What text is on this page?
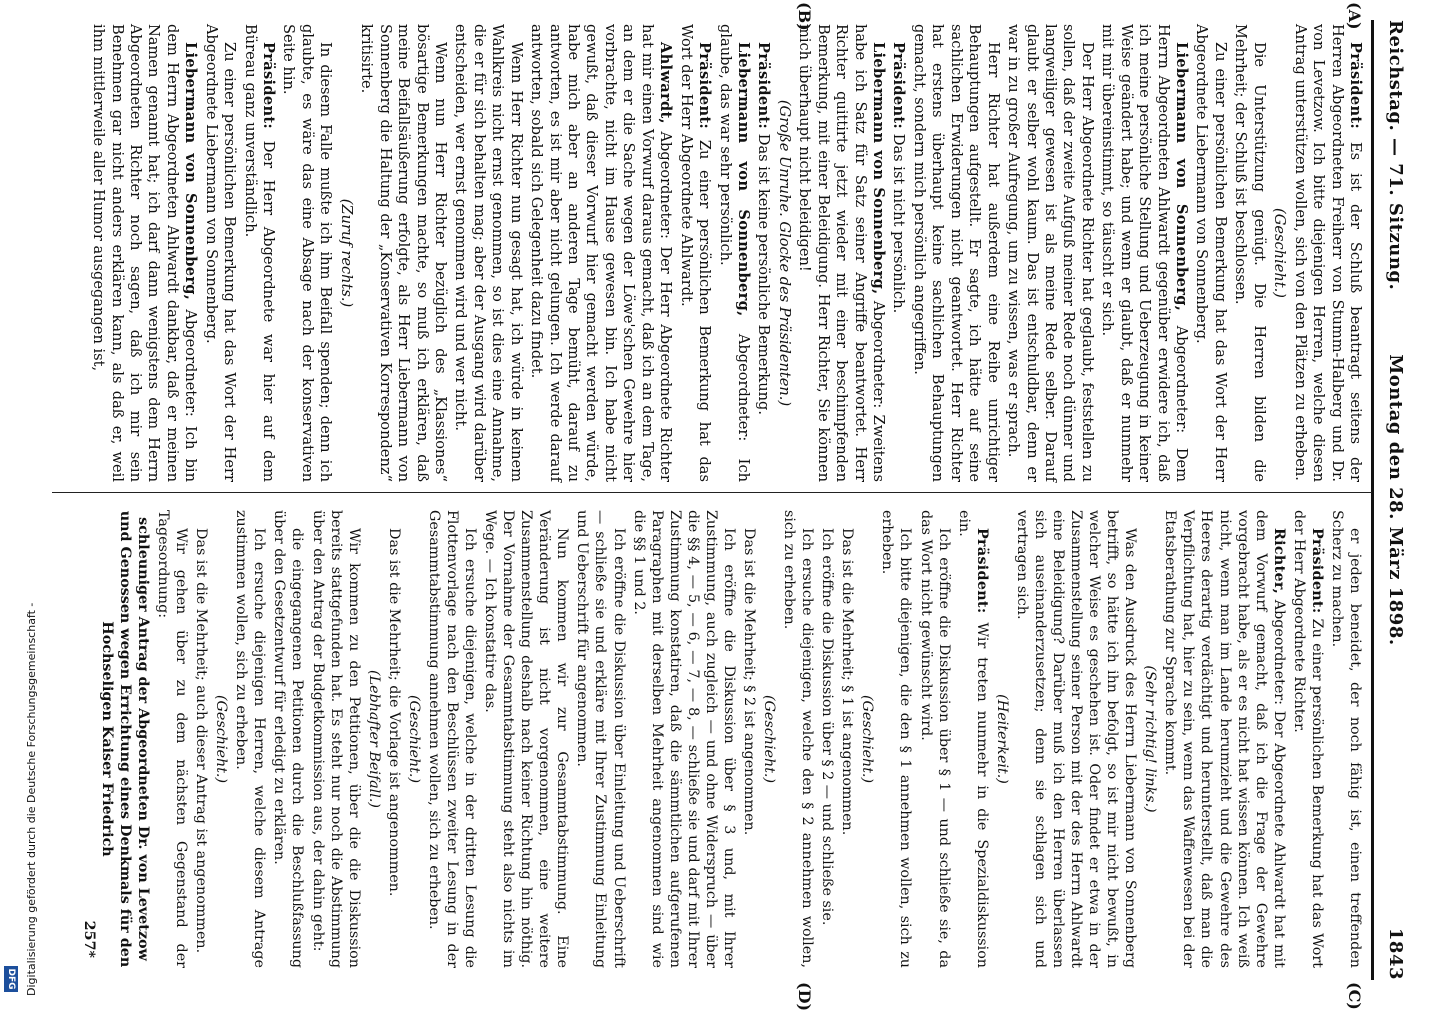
Reichstag. — 71. Sitzung.
Montag den 28. März 1898.
1843
(A)
(B)
(C)
(D)

Präsident: Es ist der Schluß beantragt seitens der Herren Abgeordneten Freiherr von Stumm-Halberg und Dr. von Levetzow. Ich bitte diejenigen Herren, welche diesen Antrag unterstützen wollen, sich von den Plätzen zu erheben.

(Geschieht.)

Die Unterstützung genügt. Die Herren bilden die Mehrheit; der Schluß ist beschlossen.

Zu einer persönlichen Bemerkung hat das Wort der Herr Abgeordnete Liebermann von Sonnenberg.

Liebermann von Sonnenberg, Abgeordneter: Dem Herrn Abgeordneten Ahlwardt gegenüber erwidere ich, daß ich meine persönliche Stellung und Ueberzeugung in keiner Weise geändert habe; und wenn er glaubt, daß er nunmehr mit mir übereinstimmt, so täuscht er sich.

Der Herr Abgeordnete Richter hat geglaubt, feststellen zu sollen, daß der zweite Aufguß meiner Rede noch dünner und langweiliger gewesen ist als meine Rede selber. Darauf glaubt er selber wohl kaum. Das ist entschuldbar, denn er war in zu großer Aufregung, um zu wissen, was er sprach.

Herr Richter hat außerdem eine Reihe unrichtiger Behauptungen aufgestellt. Er sagte, ich hätte auf seine sachlichen Erwiderungen nicht geantwortet. Herr Richter hat erstens überhaupt keine sachlichen Behauptungen gemacht, sondern mich persönlich angegriffen.

Präsident: Das ist nicht persönlich.

Liebermann von Sonnenberg, Abgeordneter: Zweitens habe ich Satz für Satz seiner Angriffe beantwortet. Herr Richter quittirte jetzt wieder mit einer beschimpfenden Bemerkung, mit einer Beleidigung. Herr Richter, Sie können mich überhaupt nicht beleidigen!

(Große Unruhe. Glocke des Präsidenten.)

Präsident: Das ist keine persönliche Bemerkung.

Liebermann von Sonnenberg, Abgeordneter: Ich glaube, das war sehr persönlich.

Präsident: Zu einer persönlichen Bemerkung hat das Wort der Herr Abgeordnete Ahlwardt.

Ahlwardt, Abgeordneter: Der Herr Abgeordnete Richter hat mir einen Vorwurf daraus gemacht, daß ich an dem Tage, an dem er die Sache wegen der Löwe'schen Gewehre hier vorbrachte, nicht im Hause gewesen bin. Ich habe nicht gewußt, daß dieser Vorwurf hier gemacht werden würde, habe mich aber an anderen Tage bemüht, darauf zu antworten, es ist mir aber nicht gelungen. Ich werde darauf antworten, sobald sich Gelegenheit dazu findet.

Wenn Herr Richter nun gesagt hat, ich würde in keinem Wahlkreis nicht ernst genommen, so ist dies eine Annahme, die er für sich behalten mag; aber der Ausgang wird darüber entscheiden, wer ernst genommen wird und wer nicht.

Wenn nun Herr Richter bezüglich des „Klassiones“ bösartige Bemerkungen machte, so muß ich erklären, daß meine Beifallsäußerung erfolgte, als Herr Liebermann von Sonnenberg die Haltung der „Konservativen Korrespondenz“ kritisirte.

(Zuruf rechts.)

In diesem Falle mußte ich ihm Beifall spenden; denn ich glaubte, es wäre das eine Absage nach der konservativen Seite hin.

Präsident: Der Herr Abgeordnete war hier auf dem Büreau ganz unverständlich.

Zu einer persönlichen Bemerkung hat das Wort der Herr Abgeordnete Liebermann von Sonnenberg.

Liebermann von Sonnenberg, Abgeordneter: Ich bin dem Herrn Abgeordneten Ahlwardt dankbar, daß er meinen Namen genannt hat; ich darf dann wenigstens dem Herrn Abgeordneten Richter noch sagen, daß ich mir sein Benehmen gar nicht anders erklären kann, als daß er, weil ihm mittlerweile aller Humor ausgegangen ist,

er jeden beneidet, der noch fähig ist, einen treffenden Scherz zu machen.

Präsident: Zu einer persönlichen Bemerkung hat das Wort der Herr Abgeordnete Richter.

Richter, Abgeordneter: Der Abgeordnete Ahlwardt hat mit dem Vorwurf gemacht, daß ich die Frage der Gewehre vorgebracht habe, als er es nicht hat wissen können. Ich weiß nicht, wenn man im Lande herumzieht und die Gewehre des Heeres derartig verdächtigt und herunterstellt, daß man die Verpflichtung hat, hier zu sein, wenn das Waffenwesen bei der Etatsberathung zur Sprache kommt.

(Sehr richtig! links.)

Was den Ausdruck des Herrn Liebermann von Sonnenberg betrifft, so hätte ich ihn befolgt, so ist mir nicht bewußt, in welcher Weise es geschehen ist. Oder findet er etwa in der Zusammenstellung seiner Person mit der des Herrn Ahlwardt eine Beleidigung? Darüber muß ich den Herren überlassen sich auseinanderzusetzen; denn sie schlagen sich und vertragen sich.

(Heiterkeit.)

Präsident: Wir treten nunmehr in die Spezialdiskussion ein.

Ich eröffne die Diskussion über § 1 — und schließe sie, da das Wort nicht gewünscht wird.

Ich bitte diejenigen, die den § 1 annehmen wollen, sich zu erheben.

(Geschieht.)

Das ist die Mehrheit; § 1 ist angenommen.

Ich eröffne die Diskussion über § 2 — und schließe sie.

Ich ersuche diejenigen, welche den § 2 annehmen wollen, sich zu erheben.

(Geschieht.)

Das ist die Mehrheit; § 2 ist angenommen.

Ich eröffne die Diskussion über § 3 und, mit Ihrer Zustimmung, auch zugleich — und ohne Widerspruch — über die §§ 4, — 5, — 6, — 7, — 8, — schließe sie und darf mit Ihrer Zustimmung konstatiren, daß die sämmtlichen aufgerufenen Paragraphen mit derselben Mehrheit angenommen sind wie die §§ 1 und 2.

Ich eröffne die Diskussion über Einleitung und Ueberschrift — schließe sie und erkläre mit Ihrer Zustimmung Einleitung und Ueberschrift für angenommen.

Nun kommen wir zur Gesammtabstimmung. Eine Veränderung ist nicht vorgenommen, eine weitere Zusammenstellung deshalb nach keiner Richtung hin nöthig. Der Vornahme der Gesammtabstimmung steht also nichts im Wege. — Ich konstatire das.

Ich ersuche diejenigen, welche in der dritten Lesung die Flottenvorlage nach den Beschlüssen zweiter Lesung in der Gesammtabstimmung annehmen wollen, sich zu erheben.

(Geschieht.)

Das ist die Mehrheit; die Vorlage ist angenommen.

(Lebhafter Beifall.)

Wir kommen zu den Petitionen, über die die Diskussion bereits stattgefunden hat. Es steht nur noch die Abstimmung über den Antrag der Budgetkommission aus, der dahin geht:

die eingegangenen Petitionen durch die Beschlußfassung über den Gesetzentwurf für erledigt zu erklären.

Ich ersuche diejenigen Herren, welche diesem Antrage zustimmen wollen, sich zu erheben.

(Geschieht.)

Das ist die Mehrheit; auch dieser Antrag ist angenommen.

Wir gehen über zu dem nächsten Gegenstand der Tagesordnung:

schleuniger Antrag der Abgeordneten Dr. von Levetzow und Genossen wegen Errichtung eines Denkmals für den Hochseligen Kaiser Friedrich

257*

Digitalisierung gefördert durch die Deutsche Forschungsgemeinschaft -
DFG
